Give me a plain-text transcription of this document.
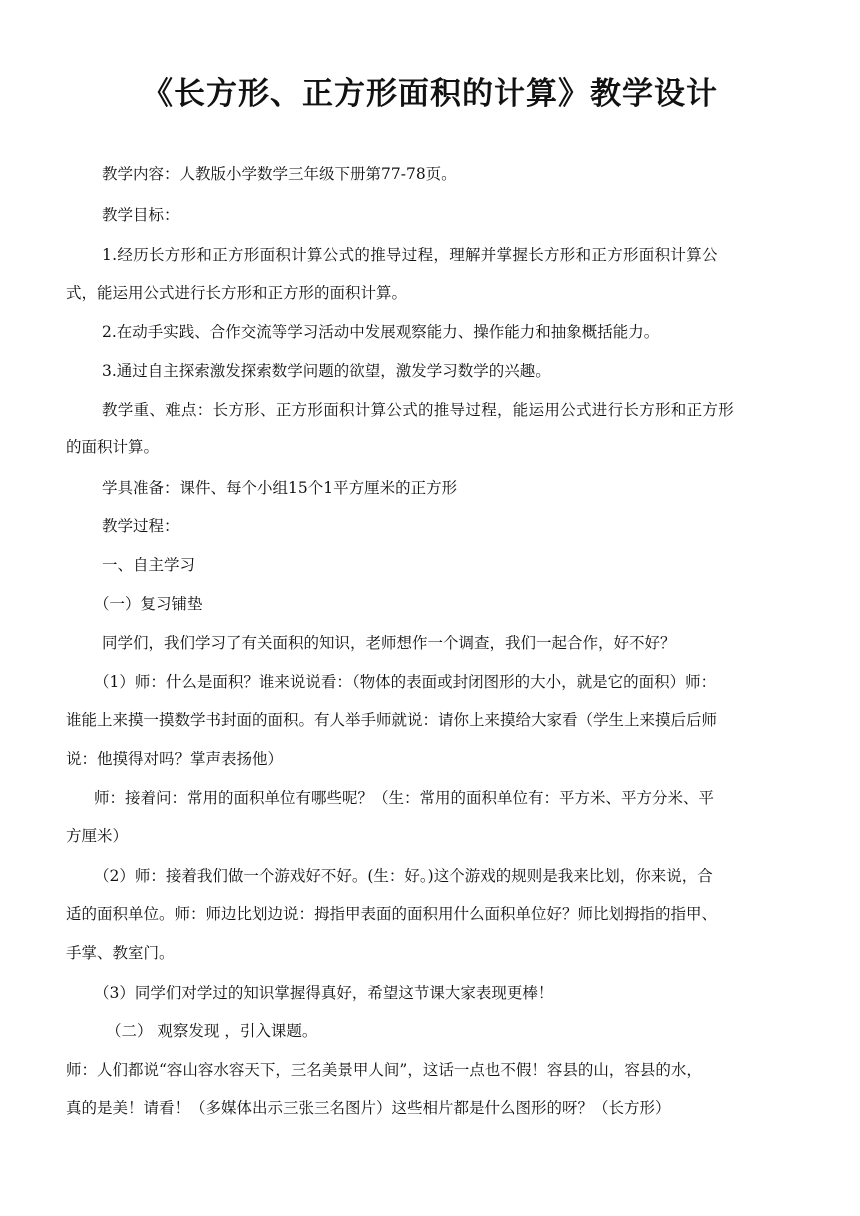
《长方形、正方形面积的计算》教学设计

教学内容：人教版小学数学三年级下册第77-78页。

教学目标：

1.经历长方形和正方形面积计算公式的推导过程，理解并掌握长方形和正方形面积计算公

式，能运用公式进行长方形和正方形的面积计算。

2.在动手实践、合作交流等学习活动中发展观察能力、操作能力和抽象概括能力。

3.通过自主探索激发探索数学问题的欲望，激发学习数学的兴趣。

教学重、难点：长方形、正方形面积计算公式的推导过程，能运用公式进行长方形和正方形

的面积计算。

学具准备：课件、每个小组15个1平方厘米的正方形

教学过程：

一、自主学习

（一）复习铺垫

同学们，我们学习了有关面积的知识，老师想作一个调查，我们一起合作，好不好？

（1）师：什么是面积？谁来说说看：（物体的表面或封闭图形的大小，就是它的面积）师：

谁能上来摸一摸数学书封面的面积。有人举手师就说：请你上来摸给大家看（学生上来摸后后师

说：他摸得对吗？掌声表扬他）

师：接着问：常用的面积单位有哪些呢？（生：常用的面积单位有：平方米、平方分米、平

方厘米）

（2）师：接着我们做一个游戏好不好。(生：好。)这个游戏的规则是我来比划，你来说，合

适的面积单位。师：师边比划边说：拇指甲表面的面积用什么面积单位好？师比划拇指的指甲、

手掌、教室门。

（3）同学们对学过的知识掌握得真好，希望这节课大家表现更棒！

（二） 观察发现 ，引入课题。

师：人们都说“容山容水容天下，三名美景甲人间”，这话一点也不假！容县的山，容县的水，

真的是美！请看！（多媒体出示三张三名图片）这些相片都是什么图形的呀？（长方形）
